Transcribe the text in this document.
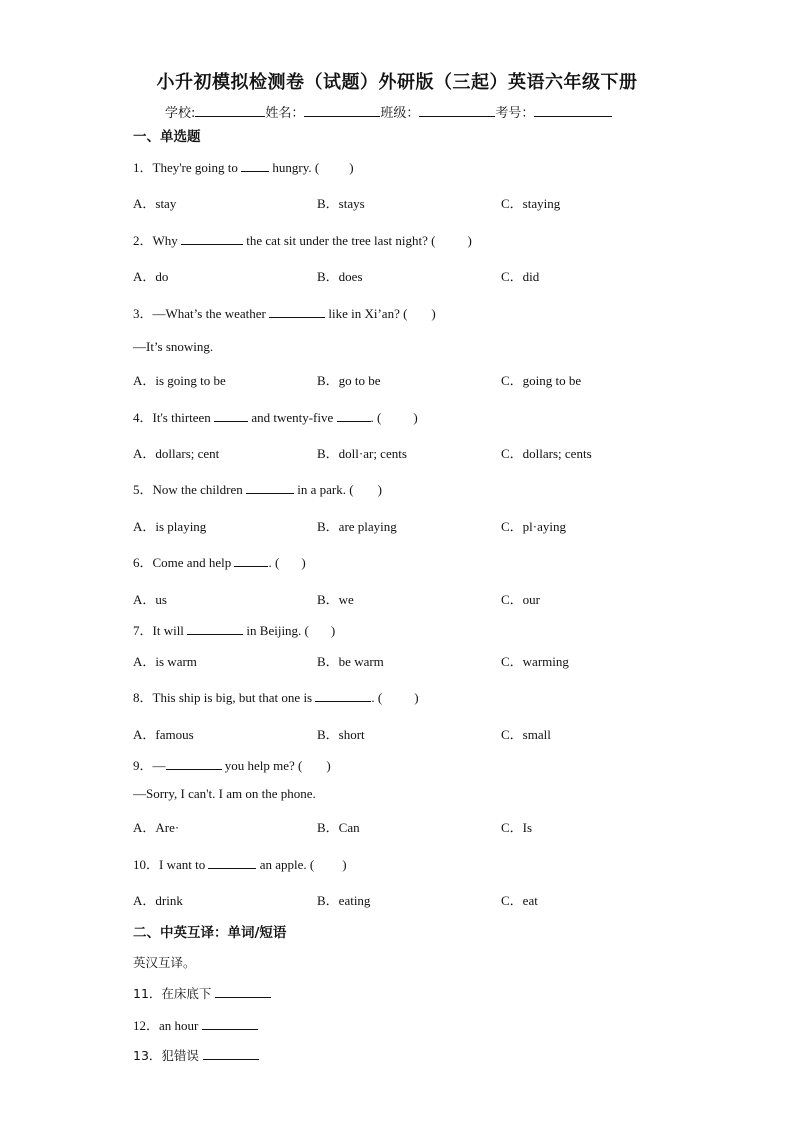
小升初模拟检测卷（试题）外研版（三起）英语六年级下册
学校:	姓名：	班级：	考号：
一、单选题
1．They're going to  hungry. ( )
A．stay	B．stays	C．staying
2．Why	the cat sit under the tree last night? ( )
A．do	B．does	C．did
3．—What’s the weather	like in Xi’an? ( )
—It’s snowing.
A．is going to be	B．go to be	C．going to be
4．It's thirteen	and twenty-five	. ( )
A．dollars; cent	B．doll·ar; cents	C．dollars; cents
5．Now the children	in a park. ( )
A．is playing	B．are playing	C．pl·aying
6．Come and help	. ( )
A．us	B．we	C．our
7．It will	in Beijing. ( )
A．is warm	B．be warm	C．warming
8．This ship is big, but that one is	. ( )
A．famous	B．short	C．small
9．—	you help me? ( )
—Sorry, I can't. I am on the phone.
A．Are·	B．Can	C．Is
10．I want to	an apple. ( )
A．drink	B．eating	C．eat
二、中英互译：单词/短语
英汉互译。
11．在床底下
12．an hour
13．犯错误
